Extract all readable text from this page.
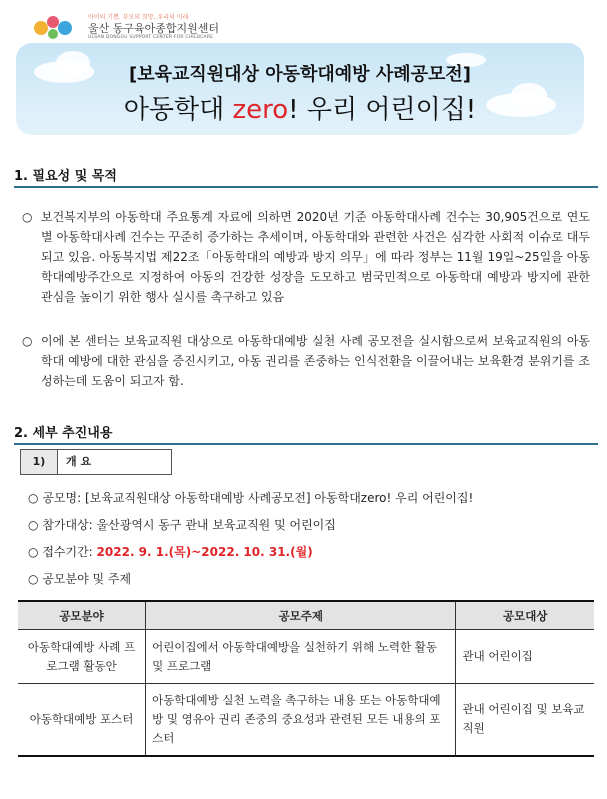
아이의 기쁨, 부모의 희망, 우리의 미래
울산 동구육아종합지원센터
ULSAN DONGGU SUPPORT CENTER FOR CHILDCARE
[보육교직원대상 아동학대예방 사례공모전]
아동학대 zero! 우리 어린이집!
1. 필요성 및 목적
○ 보건복지부의 아동학대 주요통계 자료에 의하면 2020년 기준 아동학대사례 건수는 30,905건으로 연도별 아동학대사례 건수는 꾸준히 증가하는 추세이며, 아동학대와 관련한 사건은 심각한 사회적 이슈로 대두되고 있음. 아동복지법 제22조「아동학대의 예방과 방지 의무」에 따라 정부는 11월 19일~25일을 아동학대예방주간으로 지정하여 아동의 건강한 성장을 도모하고 범국민적으로 아동학대 예방과 방지에 관한 관심을 높이기 위한 행사 실시를 촉구하고 있음
○ 이에 본 센터는 보육교직원 대상으로 아동학대예방 실천 사례 공모전을 실시함으로써 보육교직원의 아동학대 예방에 대한 관심을 증진시키고, 아동 권리를 존중하는 인식전환을 이끌어내는 보육환경 분위기를 조성하는데 도움이 되고자 함.
2. 세부 추진내용
1)	개 요
○ 공모명: [보육교직원대상 아동학대예방 사례공모전] 아동학대zero! 우리 어린이집!
○ 참가대상: 울산광역시 동구 관내 보육교직원 및 어린이집
○ 접수기간: 2022. 9. 1.(목)~2022. 10. 31.(월)
○ 공모분야 및 주제
공모분야	공모주제	공모대상
아동학대예방 사례 프로그램 활동안	어린이집에서 아동학대예방을 실천하기 위해 노력한 활동 및 프로그램	관내 어린이집
아동학대예방 포스터	아동학대예방 실천 노력을 촉구하는 내용 또는 아동학대예방 및 영유아 권리 존중의 중요성과 관련된 모든 내용의 포스터	관내 어린이집 및 보육교직원
